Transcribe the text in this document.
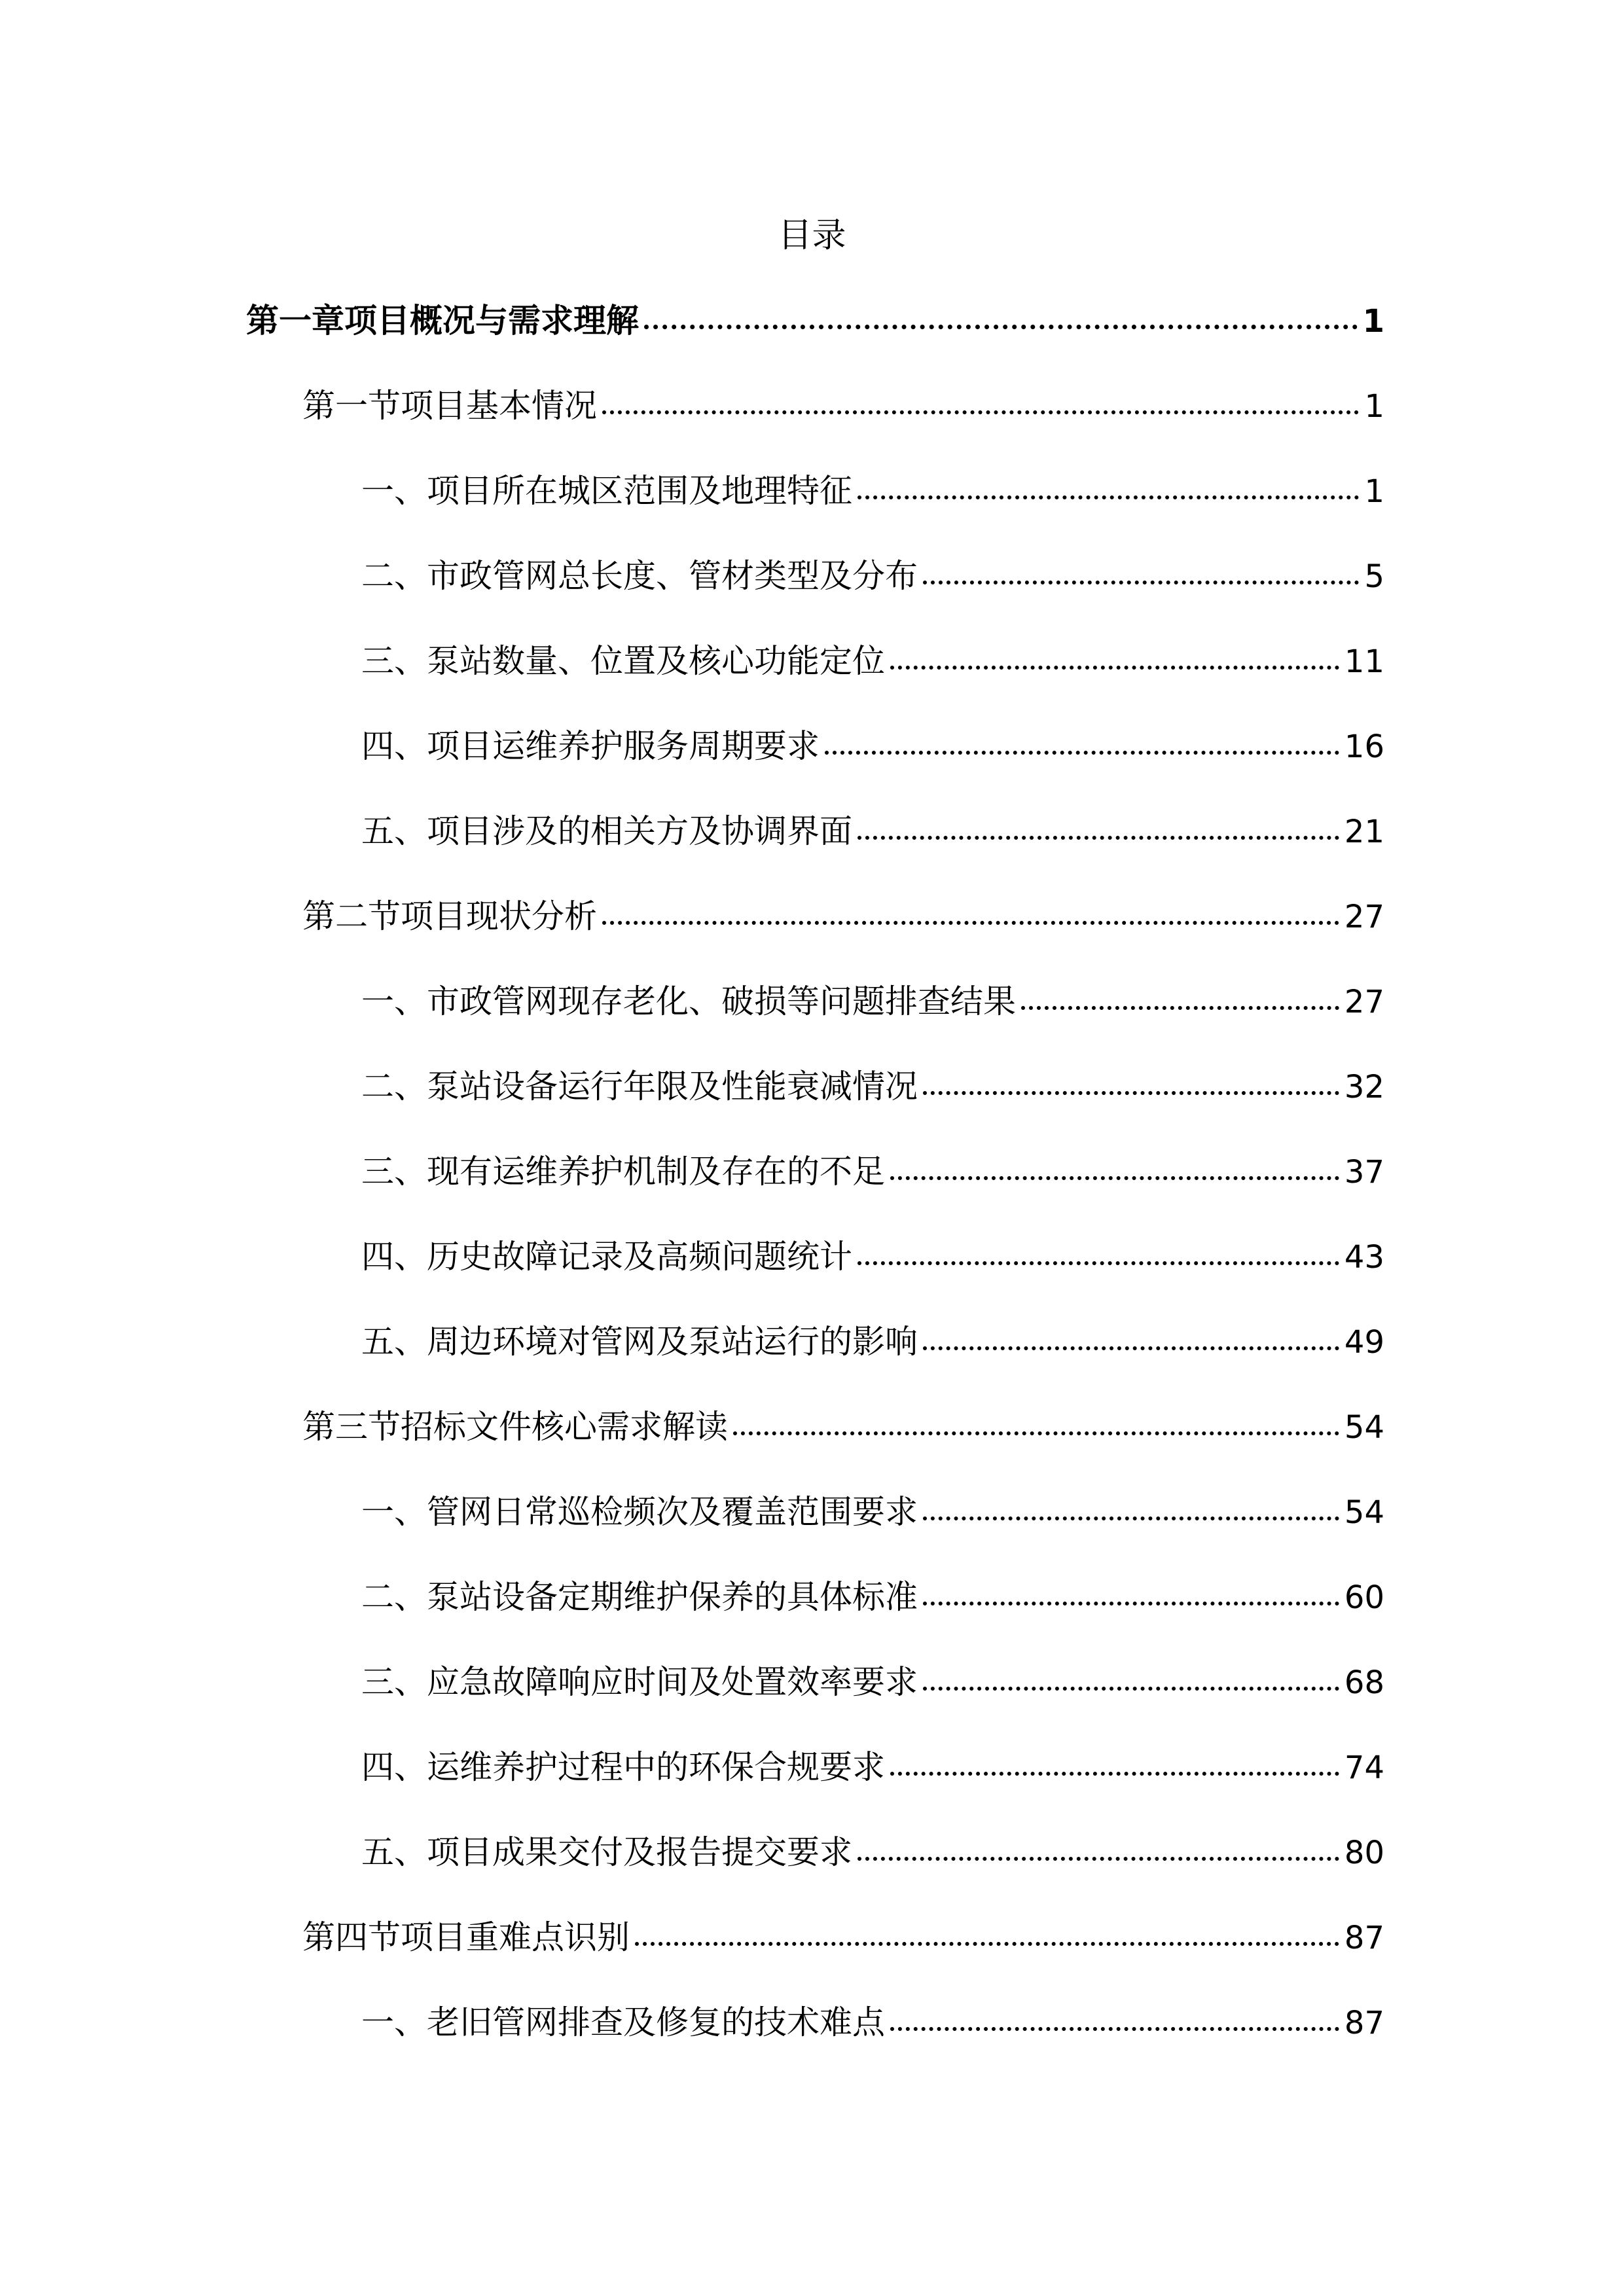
目录
第一章项目概况与需求理解	1
第一节项目基本情况	1
一、项目所在城区范围及地理特征	1
二、市政管网总长度、管材类型及分布	5
三、泵站数量、位置及核心功能定位	11
四、项目运维养护服务周期要求	16
五、项目涉及的相关方及协调界面	21
第二节项目现状分析	27
一、市政管网现存老化、破损等问题排查结果	27
二、泵站设备运行年限及性能衰减情况	32
三、现有运维养护机制及存在的不足	37
四、历史故障记录及高频问题统计	43
五、周边环境对管网及泵站运行的影响	49
第三节招标文件核心需求解读	54
一、管网日常巡检频次及覆盖范围要求	54
二、泵站设备定期维护保养的具体标准	60
三、应急故障响应时间及处置效率要求	68
四、运维养护过程中的环保合规要求	74
五、项目成果交付及报告提交要求	80
第四节项目重难点识别	87
一、老旧管网排查及修复的技术难点	87
